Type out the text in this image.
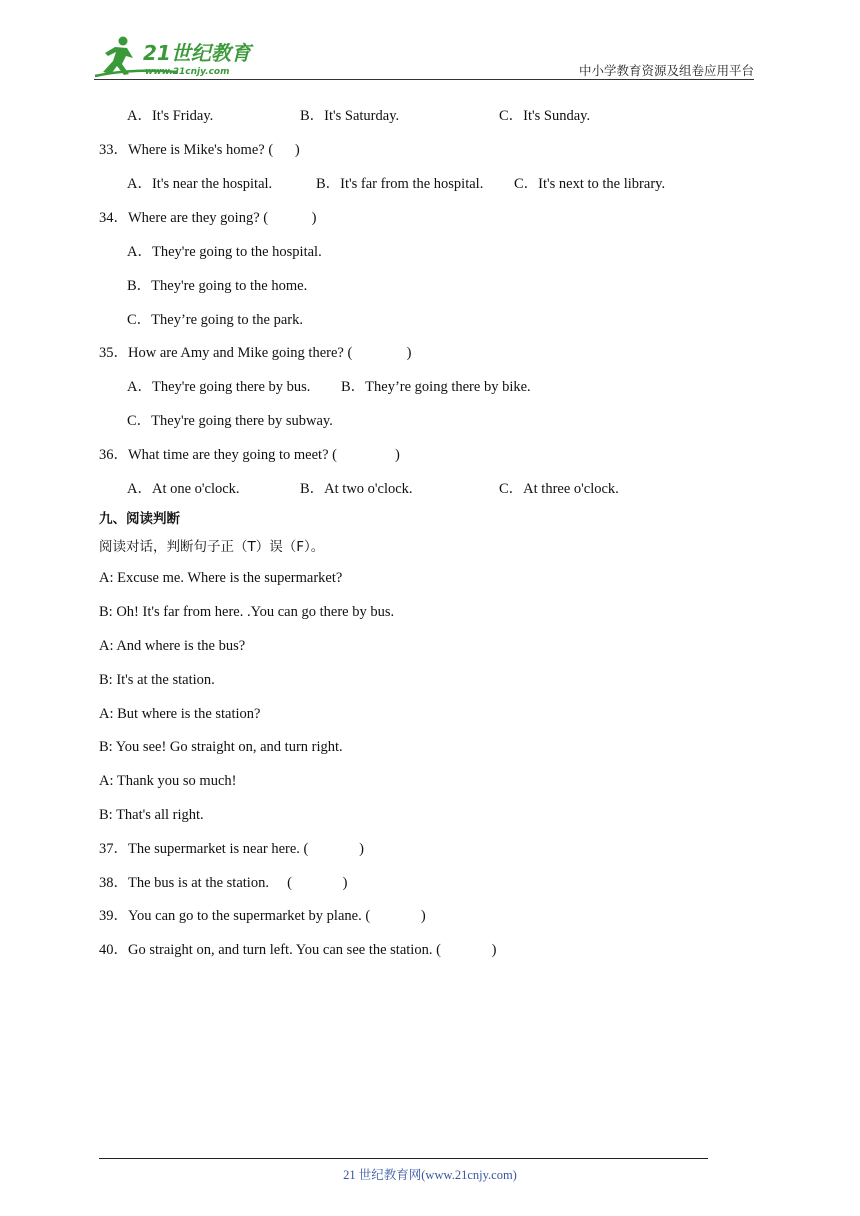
21世纪教育
www.21cnjy.com	中小学教育资源及组卷应用平台
A．It's Friday.	B．It's Saturday.	C．It's Sunday.
33．Where is Mike's home? (      )
A．It's near the hospital.	B．It's far from the hospital. C．It's next to the library.
34．Where are they going? (            )
A．They're going to the hospital.
B．They're going to the home.
C．They’re going to the park.
35．How are Amy and Mike going there? (               )
A．They're going there by bus. B．They’re going there by bike.
C．They're going there by subway.
36．What time are they going to meet? (                )
A．At one o'clock.	B．At two o'clock.	C．At three o'clock.
九、阅读判断
阅读对话，判断句子正（T）误（F）。
A: Excuse me. Where is the supermarket?
B: Oh! It's far from here. .You can go there by bus.
A: And where is the bus?
B: It's at the station.
A: But where is the station?
B: You see! Go straight on, and turn right.
A: Thank you so much!
B: That's all right.
37．The supermarket is near here. (              )
38．The bus is at the station.     (              )
39．You can go to the supermarket by plane. (              )
40．Go straight on, and turn left. You can see the station. (              )
21 世纪教育网(www.21cnjy.com)
